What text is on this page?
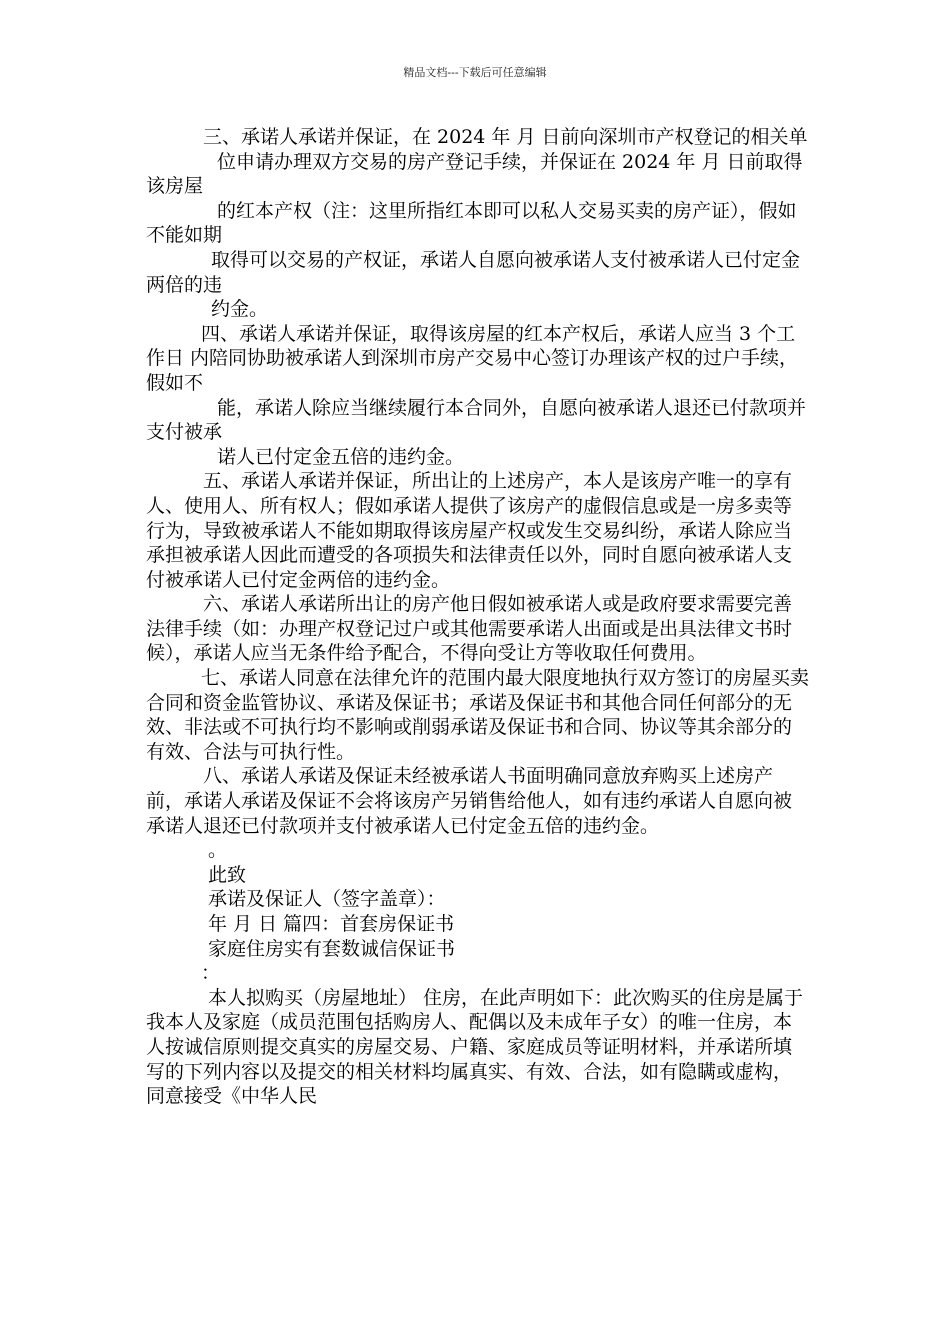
精品文档---下载后可任意编辑

三、承诺人承诺并保证，在 2024 年 月 日前向深圳市产权登记的相关单

位申请办理双方交易的房产登记手续，并保证在 2024 年 月 日前取得该房屋

的红本产权（注：这里所指红本即可以私人交易买卖的房产证），假如不能如期

取得可以交易的产权证，承诺人自愿向被承诺人支付被承诺人已付定金两倍的违

约金。

四、承诺人承诺并保证，取得该房屋的红本产权后，承诺人应当 3 个工作日 内陪同协助被承诺人到深圳市房产交易中心签订办理该产权的过户手续，假如不

能，承诺人除应当继续履行本合同外，自愿向被承诺人退还已付款项并支付被承

诺人已付定金五倍的违约金。

五、承诺人承诺并保证，所出让的上述房产，本人是该房产唯一的享有人、使用人、所有权人；假如承诺人提供了该房产的虚假信息或是一房多卖等行为，导致被承诺人不能如期取得该房屋产权或发生交易纠纷，承诺人除应当承担被承诺人因此而遭受的各项损失和法律责任以外，同时自愿向被承诺人支付被承诺人已付定金两倍的违约金。

六、承诺人承诺所出让的房产他日假如被承诺人或是政府要求需要完善法律手续（如：办理产权登记过户或其他需要承诺人出面或是出具法律文书时候），承诺人应当无条件给予配合，不得向受让方等收取任何费用。

七、承诺人同意在法律允许的范围内最大限度地执行双方签订的房屋买卖合同和资金监管协议、承诺及保证书；承诺及保证书和其他合同任何部分的无效、非法或不可执行均不影响或削弱承诺及保证书和合同、协议等其余部分的有效、合法与可执行性。

八、承诺人承诺及保证未经被承诺人书面明确同意放弃购买上述房产前，承诺人承诺及保证不会将该房产另销售给他人，如有违约承诺人自愿向被承诺人退还已付款项并支付被承诺人已付定金五倍的违约金。

。

此致

承诺及保证人（签字盖章）：

年 月 日 篇四：首套房保证书

家庭住房实有套数诚信保证书

：

本人拟购买（房屋地址） 住房，在此声明如下：此次购买的住房是属于我本人及家庭（成员范围包括购房人、配偶以及未成年子女）的唯一住房，本人按诚信原则提交真实的房屋交易、户籍、家庭成员等证明材料，并承诺所填写的下列内容以及提交的相关材料均属真实、有效、合法，如有隐瞒或虚构，同意接受《中华人民
